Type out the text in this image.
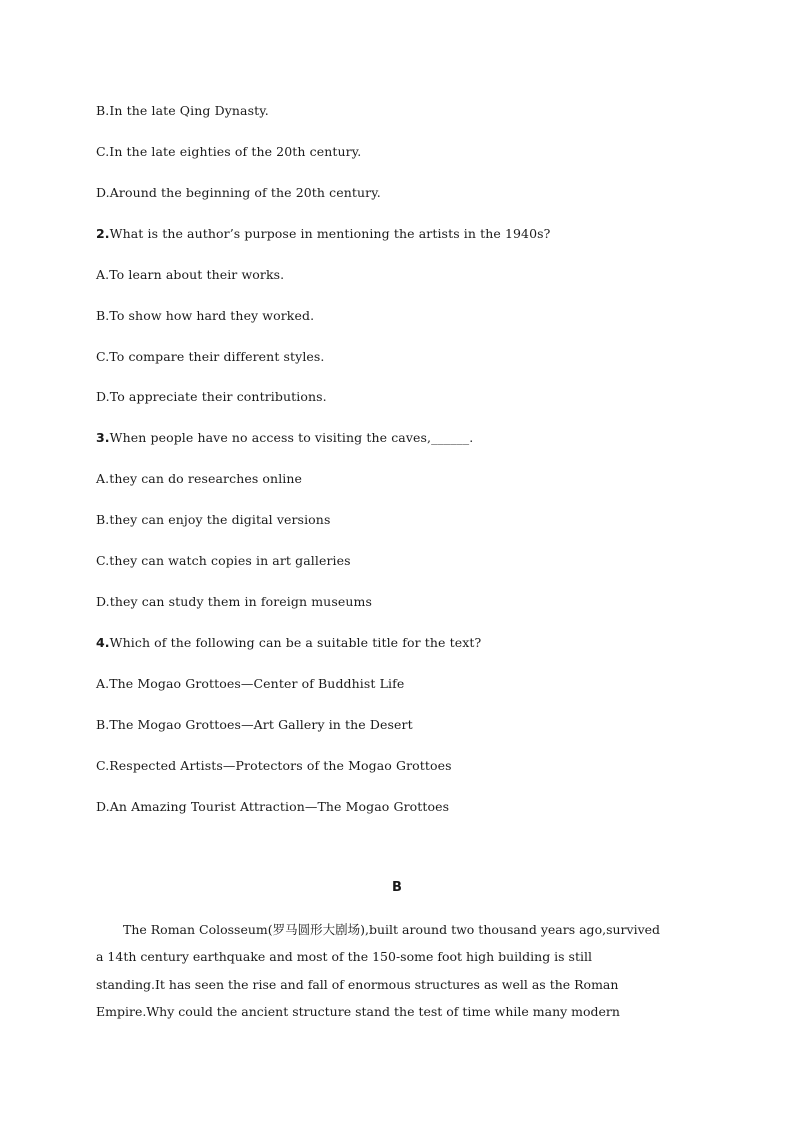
B.In the late Qing Dynasty.
C.In the late eighties of the 20th century.
D.Around the beginning of the 20th century.
2.What is the author’s purpose in mentioning the artists in the 1940s?
A.To learn about their works.
B.To show how hard they worked.
C.To compare their different styles.
D.To appreciate their contributions.
3.When people have no access to visiting the caves,______.
A.they can do researches online
B.they can enjoy the digital versions
C.they can watch copies in art galleries
D.they can study them in foreign museums
4.Which of the following can be a suitable title for the text?
A.The Mogao Grottoes—Center of Buddhist Life
B.The Mogao Grottoes—Art Gallery in the Desert
C.Respected Artists—Protectors of the Mogao Grottoes
D.An Amazing Tourist Attraction—The Mogao Grottoes
B
The Roman Colosseum(罗马圆形大剧场),built around two thousand years ago,survived
a 14th century earthquake and most of the 150-some foot high building is still
standing.It has seen the rise and fall of enormous structures as well as the Roman
Empire.Why could the ancient structure stand the test of time while many modern
